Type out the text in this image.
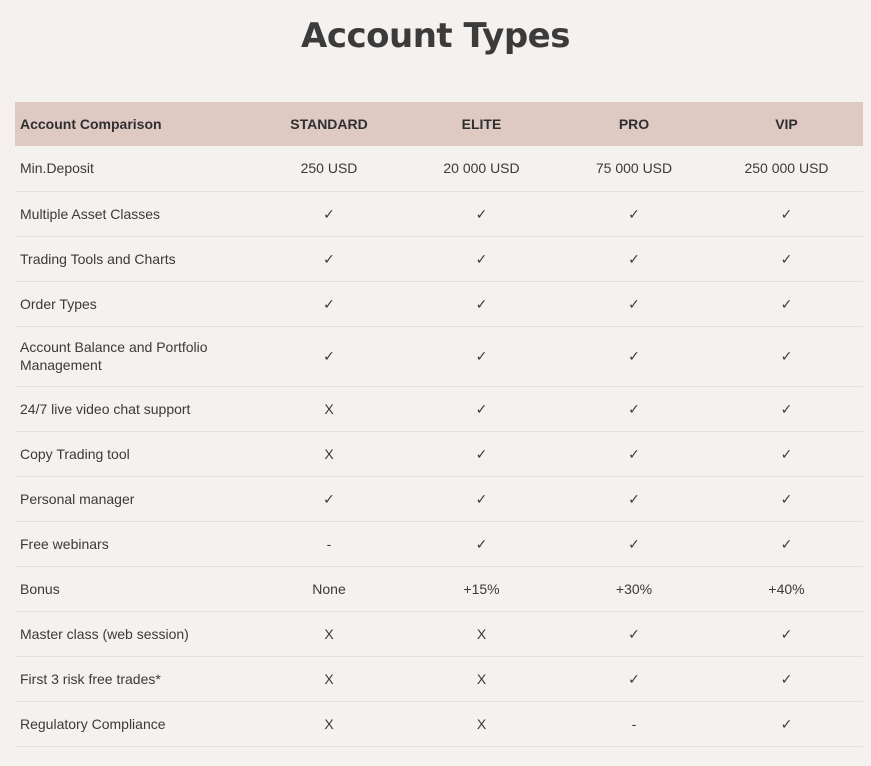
Account Types
Account Comparison	STANDARD	ELITE	PRO	VIP
Min.Deposit	250 USD	20 000 USD	75 000 USD	250 000 USD
Multiple Asset Classes	✓	✓	✓	✓
Trading Tools and Charts	✓	✓	✓	✓
Order Types	✓	✓	✓	✓
Account Balance and Portfolio Management	✓	✓	✓	✓
24/7 live video chat support	X	✓	✓	✓
Copy Trading tool	X	✓	✓	✓
Personal manager	✓	✓	✓	✓
Free webinars	-	✓	✓	✓
Bonus	None	+15%	+30%	+40%
Master class (web session)	X	X	✓	✓
First 3 risk free trades*	X	X	✓	✓
Regulatory Compliance	X	X	-	✓
